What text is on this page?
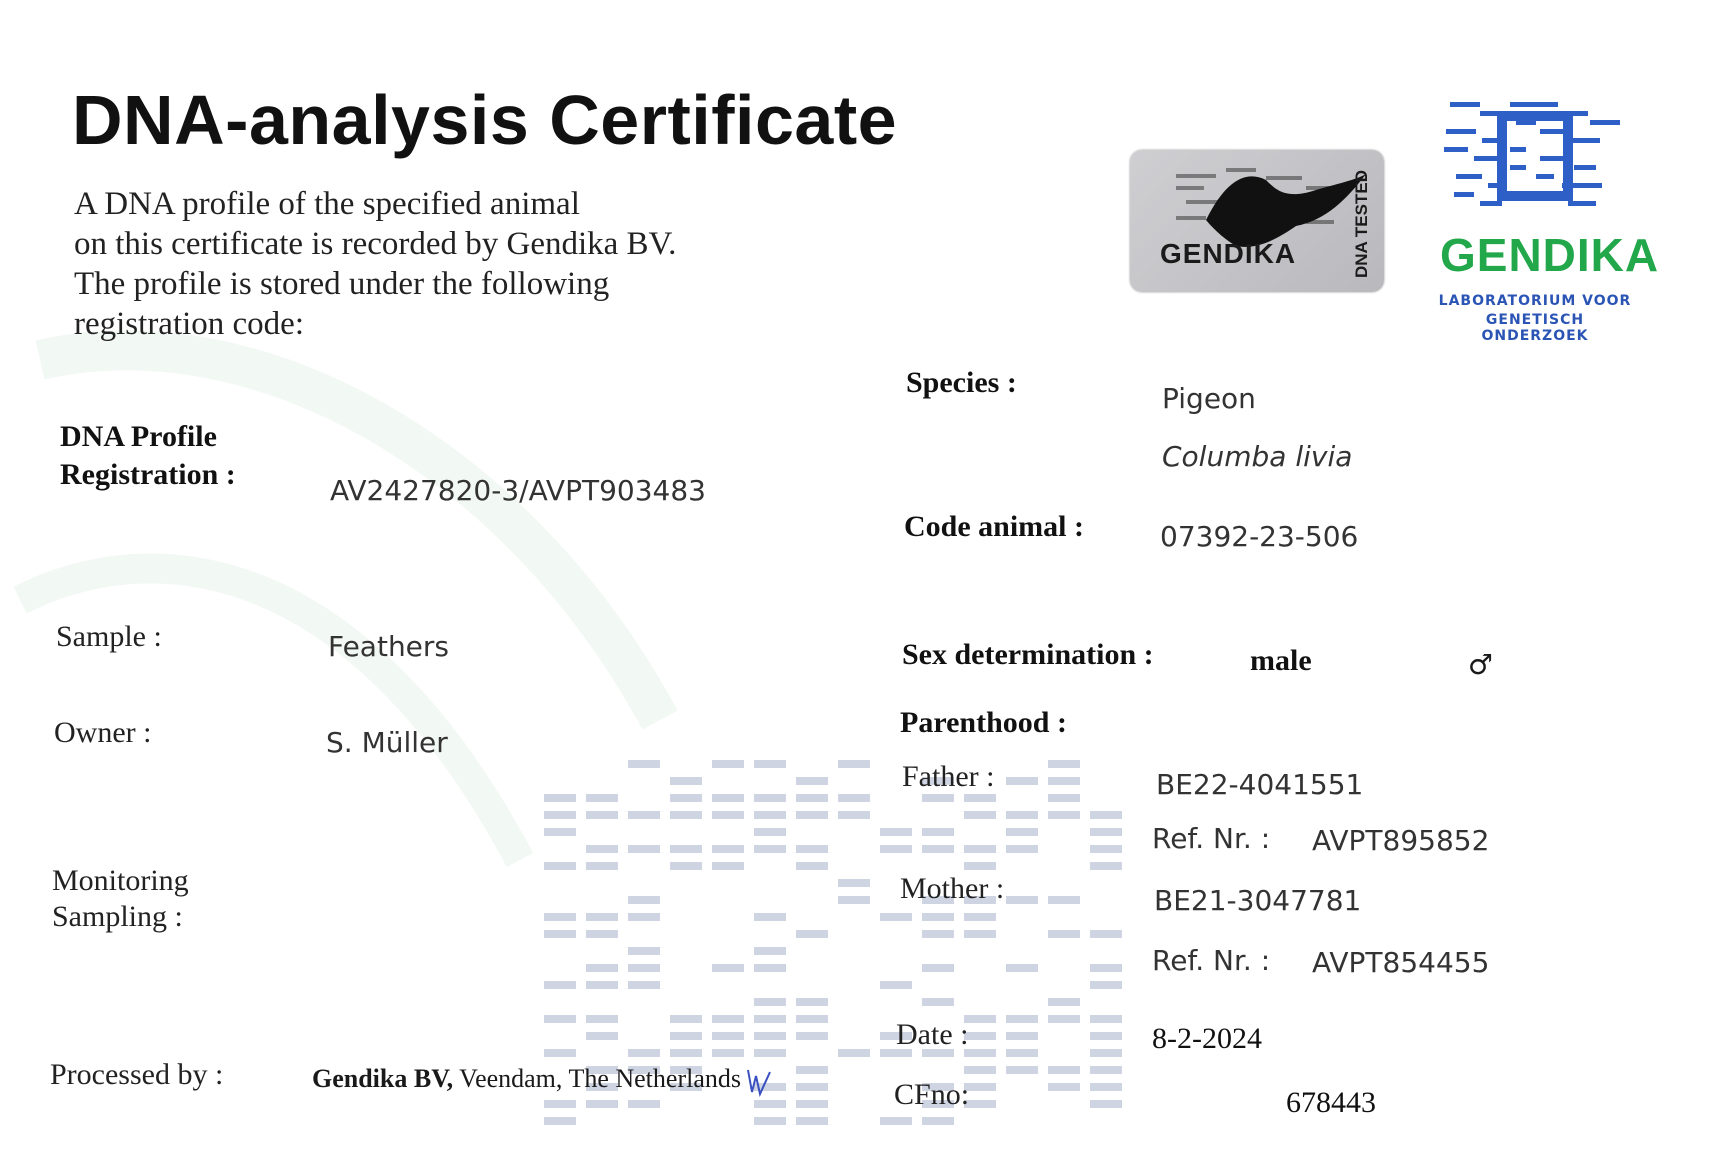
DNA-analysis Certificate
A DNA profile of the specified animal
on this certificate is recorded by Gendika BV.
The profile is stored under the following
registration code:
GENDIKA	DNA TESTED GENDIKA
LABORATORIUM VOOR
GENETISCH ONDERZOEK
DNA Profile
Registration :	AV2427820-3/AVPT903483
Sample :	Feathers
Owner :	S. Müller
Monitoring
Sampling :
Processed by :	Gendika BV, Veendam, The Netherlands
Species :	Pigeon
Columba livia
Code animal :	07392-23-506
Sex determination :	male	♂
Parenthood :
Father :	BE22-4041551
Ref. Nr. : AVPT895852
Mother :	BE21-3047781
Ref. Nr. : AVPT854455
Date :	8-2-2024
CFno:	678443
